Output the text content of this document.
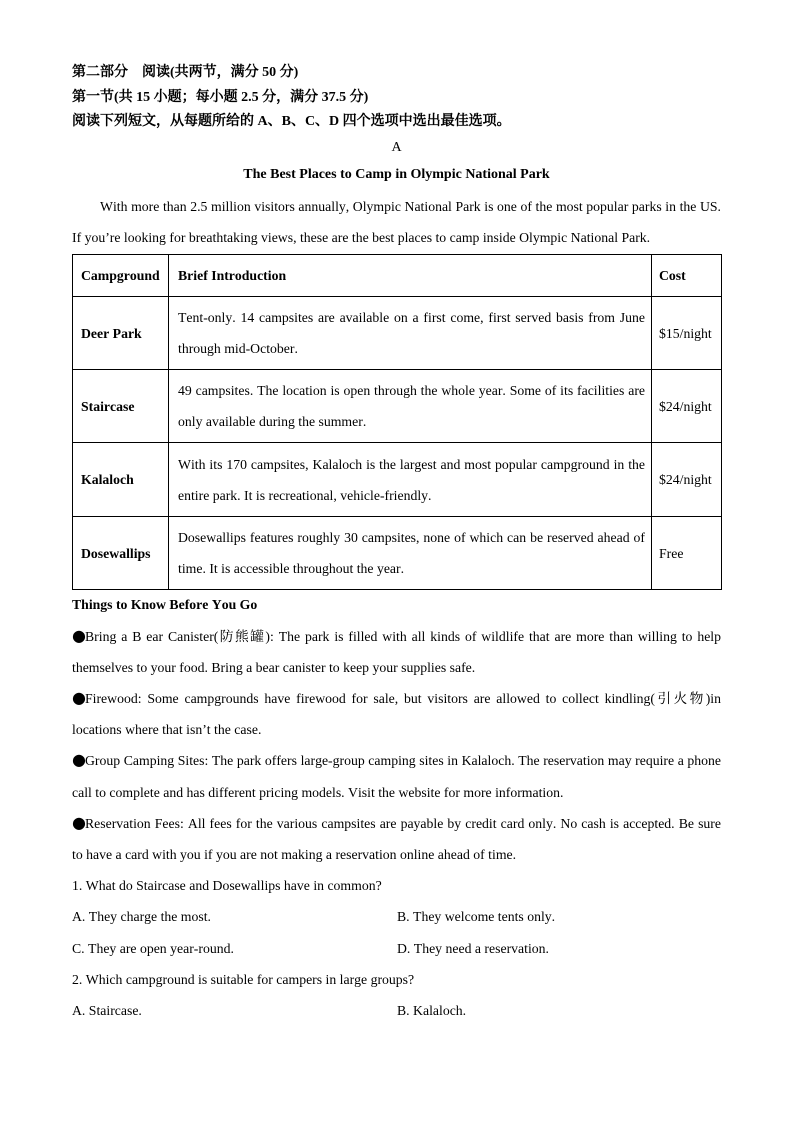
第二部分　阅读(共两节，满分 50 分)
第一节(共 15 小题；每小题 2.5 分，满分 37.5 分)
阅读下列短文，从每题所给的 A、B、C、D 四个选项中选出最佳选项。
A
The Best Places to Camp in Olympic National Park

With more than 2.5 million visitors annually, Olympic National Park is one of the most popular parks in the US. If you’re looking for breathtaking views, these are the best places to camp inside Olympic National Park.

Campground	Brief Introduction	Cost
Deer Park	Tent-only. 14 campsites are available on a first come, first served basis from June through mid-October.	$15/night
Staircase	49 campsites. The location is open through the whole year. Some of its facilities are only available during the summer.	$24/night
Kalaloch	With its 170 campsites, Kalaloch is the largest and most popular campground in the entire park. It is recreational, vehicle-friendly.	$24/night
Dosewallips	Dosewallips features roughly 30 campsites, none of which can be reserved ahead of time. It is accessible throughout the year.	Free
Things to Know Before You Go

●Bring a B ear Canister(防熊罐): The park is filled with all kinds of wildlife that are more than willing to help themselves to your food. Bring a bear canister to keep your supplies safe.

●Firewood: Some campgrounds have firewood for sale, but visitors are allowed to collect kindling(引火物)in locations where that isn’t the case.

●Group Camping Sites: The park offers large-group camping sites in Kalaloch. The reservation may require a phone call to complete and has different pricing models. Visit the website for more information.

●Reservation Fees: All fees for the various campsites are payable by credit card only. No cash is accepted. Be sure to have a card with you if you are not making a reservation online ahead of time.

1. What do Staircase and Dosewallips have in common?
A. They charge the most.	B. They welcome tents only.
C. They are open year-round.	D. They need a reservation.
2. Which campground is suitable for campers in large groups?
A. Staircase.	B. Kalaloch.
